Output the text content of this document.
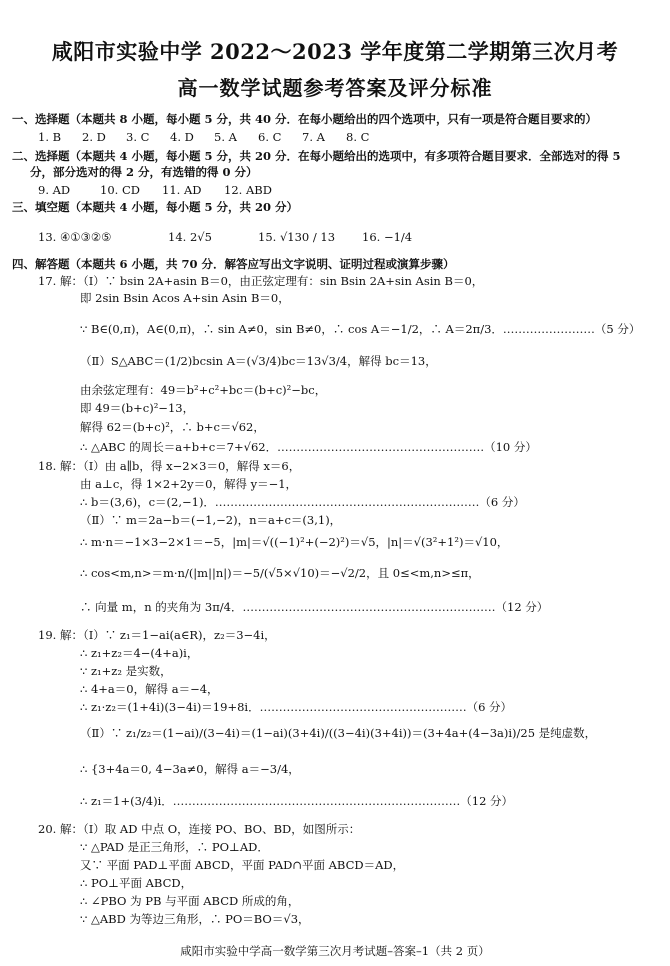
咸阳市实验中学 2022～2023 学年度第二学期第三次月考
高一数学试题参考答案及评分标准
一、选择题（本题共 8 小题，每小题 5 分，共 40 分．在每小题给出的四个选项中，只有一项是符合题目要求的）
1. B 2. D 3. C 4. D 5. A 6. C 7. A 8. C
二、选择题（本题共 4 小题，每小题 5 分，共 20 分．在每小题给出的选项中，有多项符合题目要求．全部选对的得 5
分，部分选对的得 2 分，有选错的得 0 分）
9. AD	10. CD 11. AD 12. ABD
三、填空题（本题共 4 小题，每小题 5 分，共 20 分）
13. ④①③②⑤	14. 2√5	15. √130 / 13 16. −1/4
四、解答题（本题共 6 小题，共 70 分．解答应写出文字说明、证明过程或演算步骤）
17. 解：（Ⅰ）∵ bsin 2A+asin B＝0，由正弦定理有：sin Bsin 2A+sin Asin B＝0，
即 2sin Bsin Acos A+sin Asin B＝0，
∵ B∈(0,π)，A∈(0,π)，∴ sin A≠0，sin B≠0，∴ cos A＝−1/2，∴ A＝2π/3．……………………（5 分）
（Ⅱ）S△ABC＝(1/2)bcsin A＝(√3/4)bc＝13√3/4，解得 bc＝13，
由余弦定理有：49＝b²+c²+bc＝(b+c)²−bc，
即 49＝(b+c)²−13，
解得 62＝(b+c)²，∴ b+c＝√62，
∴ △ABC 的周长＝a+b+c＝7+√62．………………………………………………（10 分）
18. 解：（Ⅰ）由 a∥b，得 x−2×3＝0，解得 x＝6，
由 a⊥c，得 1×2+2y＝0，解得 y＝−1，
∴ b＝(3,6)，c＝(2,−1)．……………………………………………………………（6 分）
（Ⅱ）∵ m＝2a−b＝(−1,−2)，n＝a+c＝(3,1)，
∴ m·n＝−1×3−2×1＝−5，|m|＝√((−1)²+(−2)²)＝√5，|n|＝√(3²+1²)＝√10，
∴ cos<m,n>＝m·n/(|m||n|)＝−5/(√5×√10)＝−√2/2，且 0≤<m,n>≤π，
∴ 向量 m，n 的夹角为 3π/4．…………………………………………………………（12 分）
19. 解：（Ⅰ）∵ z₁＝1−ai(a∈R)，z₂＝3−4i，
∴ z₁+z₂＝4−(4+a)i，
∵ z₁+z₂ 是实数，
∴ 4+a＝0，解得 a＝−4，
∴ z₁·z₂＝(1+4i)(3−4i)＝19+8i．………………………………………………（6 分）
（Ⅱ）∵ z₁/z₂＝(1−ai)/(3−4i)＝(1−ai)(3+4i)/((3−4i)(3+4i))＝(3+4a+(4−3a)i)/25 是纯虚数，
∴ {3+4a＝0, 4−3a≠0，解得 a＝−3/4，
∴ z₁＝1+(3/4)i．…………………………………………………………………（12 分）
20. 解：（Ⅰ）取 AD 中点 O，连接 PO、BO、BD，如图所示：
∵ △PAD 是正三角形，∴ PO⊥AD．
又∵ 平面 PAD⊥平面 ABCD，平面 PAD∩平面 ABCD＝AD，
∴ PO⊥平面 ABCD，
∴ ∠PBO 为 PB 与平面 ABCD 所成的角，
∵ △ABD 为等边三角形，∴ PO＝BO＝√3，
咸阳市实验中学高一数学第三次月考试题–答案–1（共 2 页）
